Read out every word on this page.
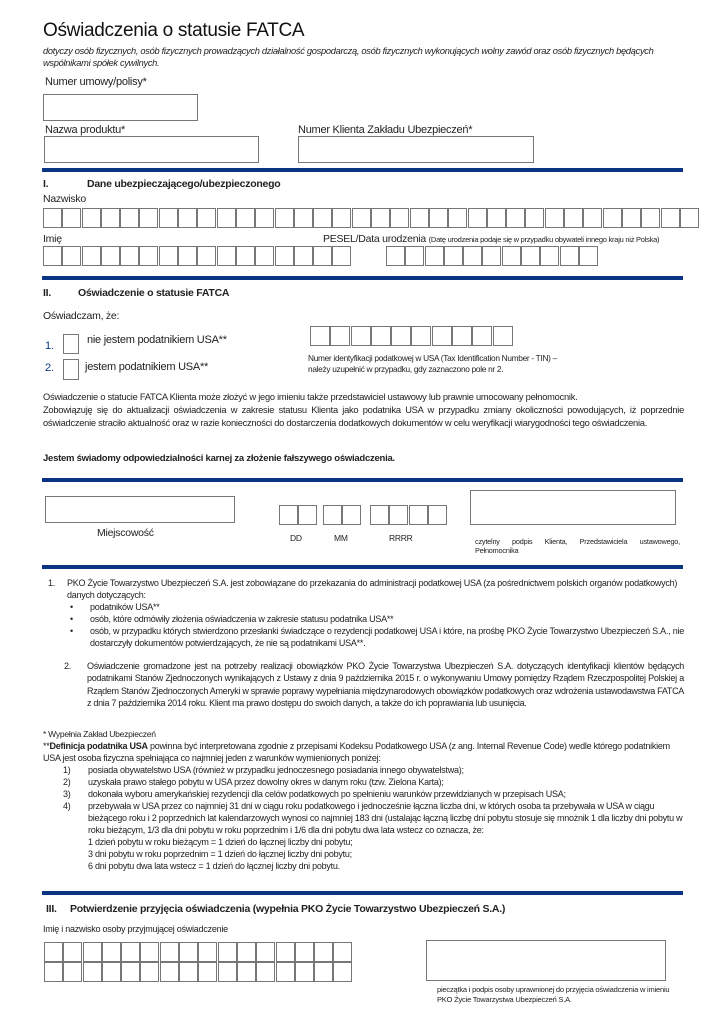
Oświadczenia o statusie FATCA
dotyczy osób fizycznych, osób fizycznych prowadzących działalność gospodarczą, osób fizycznych wykonujących wolny zawód oraz osób fizycznych będących wspólnikami spółek cywilnych.
Numer umowy/polisy*
Nazwa produktu*	Numer Klienta Zakładu Ubezpieczeń*
I.	Dane ubezpieczającego/ubezpieczonego
Nazwisko
Imię	PESEL/Data urodzenia (Datę urodzenia podaje się w przypadku obywateli innego kraju niż Polska)
II.	Oświadczenie o statusie FATCA
Oświadczam, że:
1.	nie jestem podatnikiem USA**
2.	jestem podatnikiem USA**
Numer identyfikacji podatkowej w USA (Tax Identification Number - TIN) – należy uzupełnić w przypadku, gdy zaznaczono pole nr 2.
Oświadczenie o statucie FATCA Klienta może złożyć w jego imieniu także przedstawiciel ustawowy lub prawnie umocowany pełnomocnik.
Zobowiązuję się do aktualizacji oświadczenia w zakresie statusu Klienta jako podatnika USA w przypadku zmiany okoliczności powodujących, iż poprzednie oświadczenie straciło aktualność oraz w razie konieczności do dostarczenia dodatkowych dokumentów w celu weryfikacji wiarygodności tego oświadczenia.
Jestem świadomy odpowiedzialności karnej za złożenie fałszywego oświadczenia.
Miejscowość	DD	MM	RRRR	czytelny podpis Klienta, Przedstawiciela ustawowego, Pełnomocnika
1. PKO Życie Towarzystwo Ubezpieczeń S.A. jest zobowiązane do przekazania do administracji podatkowej USA (za pośrednictwem polskich organów podatkowych) danych dotyczących:
• podatników USA**
• osób, które odmówiły złożenia oświadczenia w zakresie statusu podatnika USA**
• osób, w przypadku których stwierdzono przesłanki świadczące o rezydencji podatkowej USA i które, na prośbę PKO Życie Towarzystwo Ubezpieczeń S.A., nie dostarczyły dokumentów potwierdzających, że nie są podatnikami USA**.
2. Oświadczenie gromadzone jest na potrzeby realizacji obowiązków PKO Życie Towarzystwa Ubezpieczeń S.A. dotyczących identyfikacji klientów będących podatnikami Stanów Zjednoczonych wynikających z Ustawy z dnia 9 października 2015 r. o wykonywaniu Umowy pomiędzy Rządem Rzeczpospolitej Polskiej a Rządem Stanów Zjednoczonych Ameryki w sprawie poprawy wypełniania międzynarodowych obowiązków podatkowych oraz wdrożenia ustawodawstwa FATCA z dnia 7 października 2014 roku. Klient ma prawo dostępu do swoich danych, a także do ich poprawiania lub usunięcia.
* Wypełnia Zakład Ubezpieczeń
**Definicja podatnika USA powinna być interpretowana zgodnie z przepisami Kodeksu Podatkowego USA (z ang. Internal Revenue Code) wedle którego podatnikiem USA jest osoba fizyczna spełniająca co najmniej jeden z warunków wymienionych poniżej:
1)	posiada obywatelstwo USA (również w przypadku jednoczesnego posiadania innego obywatelstwa);
2)	uzyskała prawo stałego pobytu w USA przez dowolny okres w danym roku (tzw. Zielona Karta);
3)	dokonała wyboru amerykańskiej rezydencji dla celów podatkowych po spełnieniu warunków przewidzianych w przepisach USA;
4)	przebywała w USA przez co najmniej 31 dni w ciągu roku podatkowego i jednocześnie łączna liczba dni, w których osoba ta przebywała w USA w ciągu bieżącego roku i 2 poprzednich lat kalendarzowych wynosi co najmniej 183 dni (ustalając łączną liczbę dni pobytu stosuje się mnożnik 1 dla liczby dni pobytu w roku bieżącym, 1/3 dla dni pobytu w roku poprzednim i 1/6 dla dni pobytu dwa lata wstecz co oznacza, że:
1 dzień pobytu w roku bieżącym = 1 dzień do łącznej liczby dni pobytu;
3 dni pobytu w roku poprzednim = 1 dzień do łącznej liczby dni pobytu;
6 dni pobytu dwa lata wstecz = 1 dzień do łącznej liczby dni pobytu.
III. Potwierdzenie przyjęcia oświadczenia (wypełnia PKO Życie Towarzystwo Ubezpieczeń S.A.)
Imię i nazwisko osoby przyjmującej oświadczenie
pieczątka i podpis osoby uprawnionej do przyjęcia oświadczenia w imieniu PKO Życie Towarzystwa Ubezpieczeń S.A.
